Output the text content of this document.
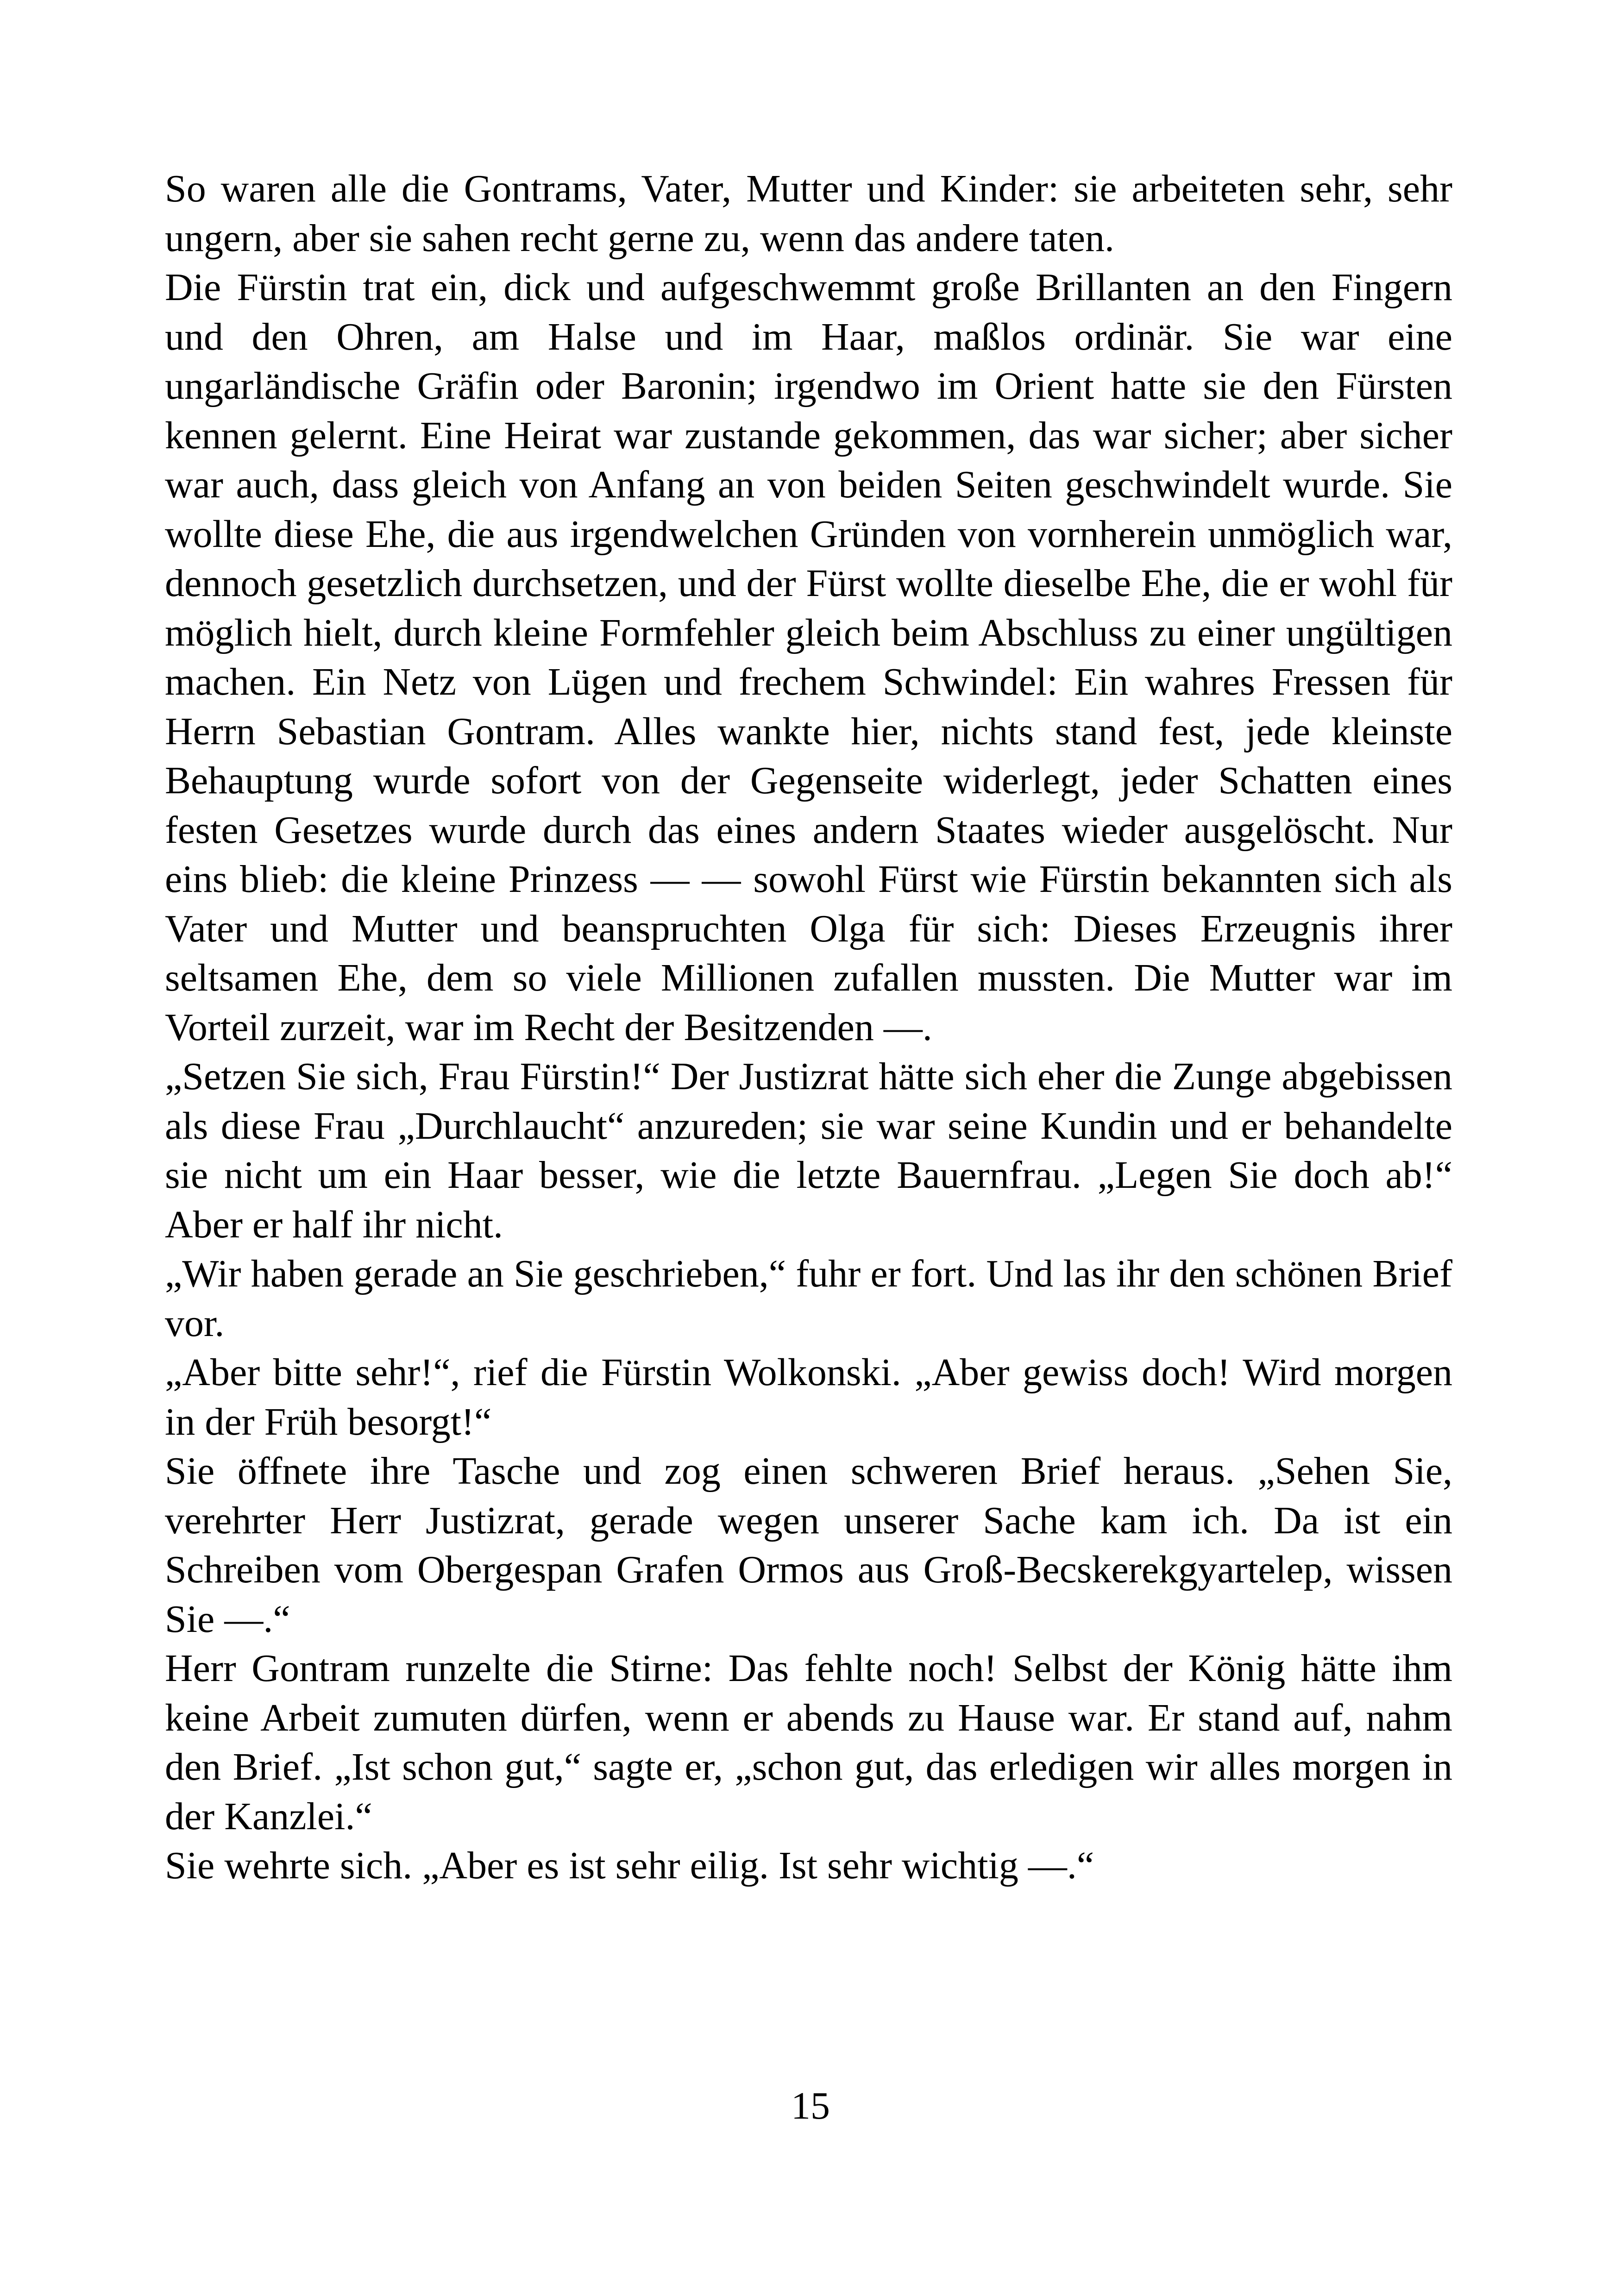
So waren alle die Gontrams, Vater, Mutter und Kinder: sie arbeiteten sehr, sehr ungern, aber sie sahen recht gerne zu, wenn das andere taten.

Die Fürstin trat ein, dick und aufgeschwemmt große Brillanten an den Fingern und den Ohren, am Halse und im Haar, maßlos ordinär. Sie war eine ungarländische Gräfin oder Baronin; irgendwo im Orient hatte sie den Fürsten kennen gelernt. Eine Heirat war zustande gekommen, das war sicher; aber sicher war auch, dass gleich von Anfang an von beiden Seiten geschwindelt wurde. Sie wollte diese Ehe, die aus irgendwelchen Gründen von vornherein unmöglich war, dennoch gesetzlich durchsetzen, und der Fürst wollte dieselbe Ehe, die er wohl für möglich hielt, durch kleine Formfehler gleich beim Abschluss zu einer ungültigen machen. Ein Netz von Lügen und frechem Schwindel: Ein wahres Fressen für Herrn Sebastian Gontram. Alles wankte hier, nichts stand fest, jede kleinste Behauptung wurde sofort von der Gegenseite widerlegt, jeder Schatten eines festen Gesetzes wurde durch das eines andern Staates wieder ausgelöscht. Nur eins blieb: die kleine Prinzess — — sowohl Fürst wie Fürstin bekannten sich als Vater und Mutter und beanspruchten Olga für sich: Dieses Erzeugnis ihrer seltsamen Ehe, dem so viele Millionen zufallen mussten. Die Mutter war im Vorteil zurzeit, war im Recht der Besitzenden —.

„Setzen Sie sich, Frau Fürstin!“ Der Justizrat hätte sich eher die Zunge abgebissen als diese Frau „Durchlaucht“ anzureden; sie war seine Kundin und er behandelte sie nicht um ein Haar besser, wie die letzte Bauernfrau. „Legen Sie doch ab!“ Aber er half ihr nicht.

„Wir haben gerade an Sie geschrieben,“ fuhr er fort. Und las ihr den schönen Brief vor.

„Aber bitte sehr!“, rief die Fürstin Wolkonski. „Aber gewiss doch! Wird morgen in der Früh besorgt!“

Sie öffnete ihre Tasche und zog einen schweren Brief heraus. „Sehen Sie, verehrter Herr Justizrat, gerade wegen unserer Sache kam ich. Da ist ein Schreiben vom Obergespan Grafen Ormos aus Groß-Becskerekgyartelep, wissen Sie —.“

Herr Gontram runzelte die Stirne: Das fehlte noch! Selbst der König hätte ihm keine Arbeit zumuten dürfen, wenn er abends zu Hause war. Er stand auf, nahm den Brief. „Ist schon gut,“ sagte er, „schon gut, das erledigen wir alles morgen in der Kanzlei.“

Sie wehrte sich. „Aber es ist sehr eilig. Ist sehr wichtig —.“

15
